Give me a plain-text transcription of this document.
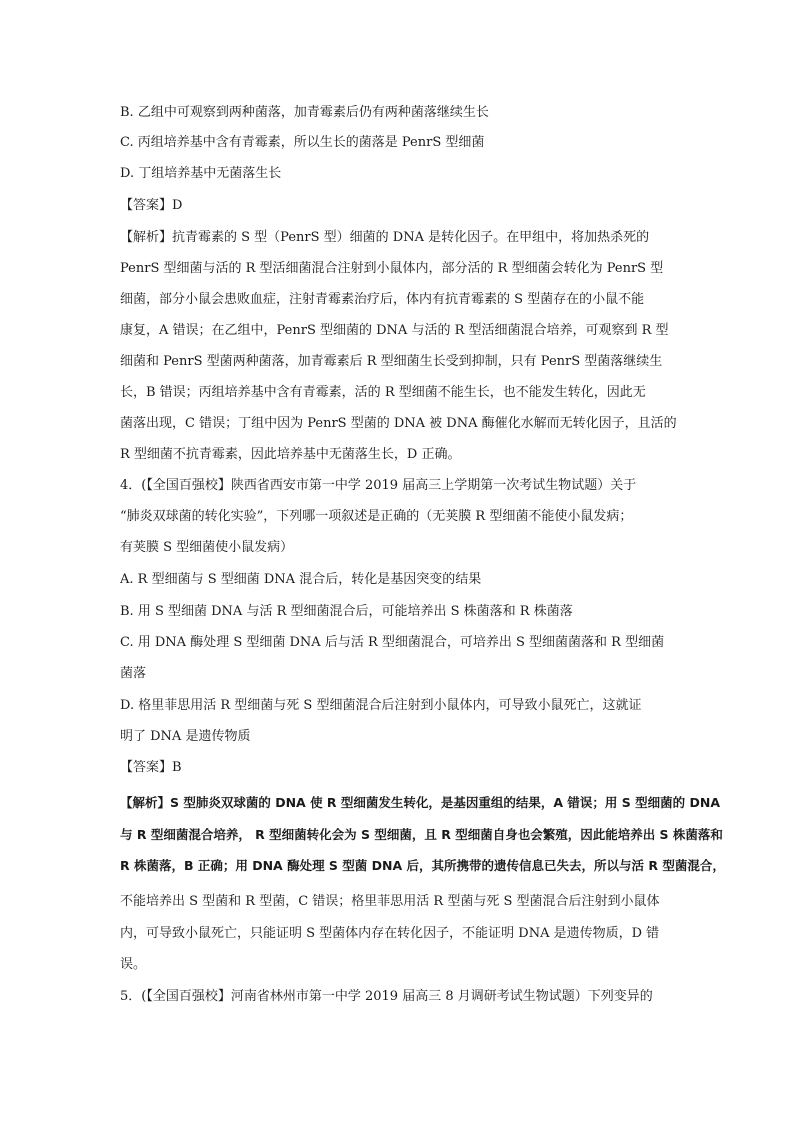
B. 乙组中可观察到两种菌落，加青霉素后仍有两种菌落继续生长
C. 丙组培养基中含有青霉素，所以生长的菌落是 PenrS 型细菌
D. 丁组培养基中无菌落生长
【答案】D
【解析】抗青霉素的 S 型（PenrS 型）细菌的 DNA 是转化因子。在甲组中，将加热杀死的
PenrS 型细菌与活的 R 型活细菌混合注射到小鼠体内，部分活的 R 型细菌会转化为 PenrS 型
细菌，部分小鼠会患败血症，注射青霉素治疗后，体内有抗青霉素的 S 型菌存在的小鼠不能
康复，A 错误；在乙组中，PenrS 型细菌的 DNA 与活的 R 型活细菌混合培养，可观察到 R 型
细菌和 PenrS 型菌两种菌落，加青霉素后 R 型细菌生长受到抑制，只有 PenrS 型菌落继续生
长，B 错误；丙组培养基中含有青霉素，活的 R 型细菌不能生长，也不能发生转化，因此无
菌落出现，C 错误；丁组中因为 PenrS 型菌的 DNA 被 DNA 酶催化水解而无转化因子，且活的
R 型细菌不抗青霉素，因此培养基中无菌落生长，D 正确。
4．(【全国百强校】陕西省西安市第一中学 2019 届高三上学期第一次考试生物试题）关于
“肺炎双球菌的转化实验”，下列哪一项叙述是正确的（无荚膜 R 型细菌不能使小鼠发病；
有荚膜 S 型细菌使小鼠发病）
A. R 型细菌与 S 型细菌 DNA 混合后，转化是基因突变的结果
B. 用 S 型细菌 DNA 与活 R 型细菌混合后，可能培养出 S 株菌落和 R 株菌落
C. 用 DNA 酶处理 S 型细菌 DNA 后与活 R 型细菌混合，可培养出 S 型细菌菌落和 R 型细菌
菌落
D. 格里菲思用活 R 型细菌与死 S 型细菌混合后注射到小鼠体内，可导致小鼠死亡，这就证
明了 DNA 是遗传物质
【答案】B
【解析】S 型肺炎双球菌的 DNA 使 R 型细菌发生转化，是基因重组的结果，A 错误；用 S 型细菌的 DNA
与 R 型细菌混合培养， R 型细菌转化会为 S 型细菌，且 R 型细菌自身也会繁殖，因此能培养出 S 株菌落和
R 株菌落，B 正确；用 DNA 酶处理 S 型菌 DNA 后，其所携带的遗传信息已失去，所以与活 R 型菌混合，
不能培养出 S 型菌和 R 型菌，C 错误；格里菲思用活 R 型菌与死 S 型菌混合后注射到小鼠体
内，可导致小鼠死亡，只能证明 S 型菌体内存在转化因子，不能证明 DNA 是遗传物质，D 错
误。
5．(【全国百强校】河南省林州市第一中学 2019 届高三 8 月调研考试生物试题）下列变异的
